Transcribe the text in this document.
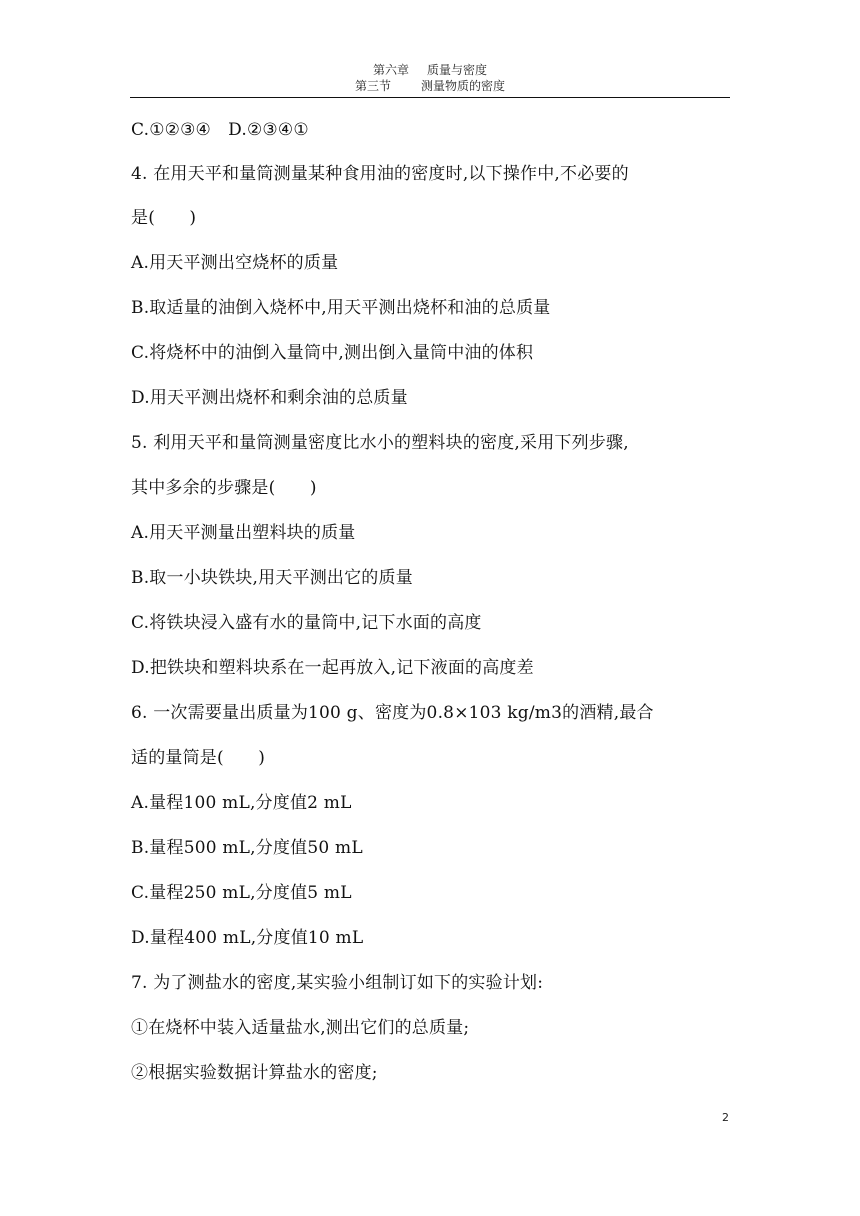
第六章 质量与密度
第三节	测量物质的密度
C.①②③④　D.②③④①
4. 在用天平和量筒测量某种食用油的密度时,以下操作中,不必要的
是(　　)
A.用天平测出空烧杯的质量
B.取适量的油倒入烧杯中,用天平测出烧杯和油的总质量
C.将烧杯中的油倒入量筒中,测出倒入量筒中油的体积
D.用天平测出烧杯和剩余油的总质量
5. 利用天平和量筒测量密度比水小的塑料块的密度,采用下列步骤,
其中多余的步骤是(　　)
A.用天平测量出塑料块的质量
B.取一小块铁块,用天平测出它的质量
C.将铁块浸入盛有水的量筒中,记下水面的高度
D.把铁块和塑料块系在一起再放入,记下液面的高度差
6. 一次需要量出质量为100 g、密度为0.8×103 kg/m3的酒精,最合
适的量筒是(　　)
A.量程100 mL,分度值2 mL
B.量程500 mL,分度值50 mL
C.量程250 mL,分度值5 mL
D.量程400 mL,分度值10 mL
7. 为了测盐水的密度,某实验小组制订如下的实验计划:
①在烧杯中装入适量盐水,测出它们的总质量;
②根据实验数据计算盐水的密度;
2
